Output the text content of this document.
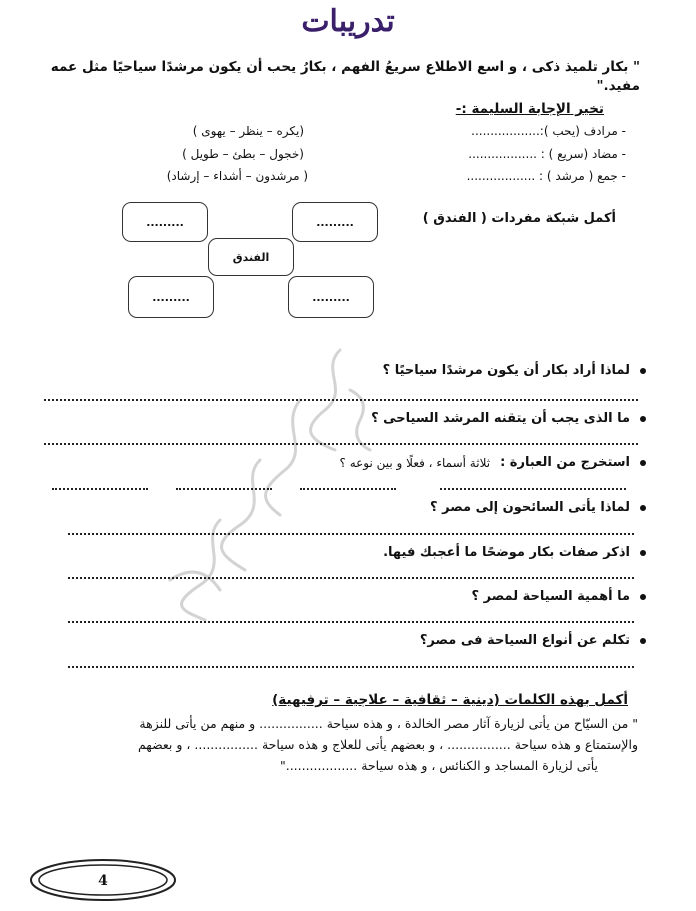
تدريبات
" بكار تلميذ ذكى ، و اسع الاطلاع سريعُ الفهم ، بكارُ يحب أن يكون مرشدًا سياحيًا مثل عمه مفيد."
تخير الإجابة السليمة :-
- مرادف (يحب ):..................
(يكره – ينظر – يهوى )
- مضاد (سريع ) : ..................
(خجول – بطئ – طويل )
- جمع ( مرشد ) : ..................
( مرشدون – أشداء – إرشاد)
أكمل شبكة مفردات ( الفندق )
.........	.........
الفندق
.........	.........
لماذا أراد بكار أن يكون مرشدًا سياحيًا ؟
ما الذى يجب أن يتقنه المرشد السياحى ؟
استخرج من العبارة :
ثلاثة أسماء ، فعلًا و بين نوعه ؟
لماذا يأتى السائحون إلى مصر ؟
اذكر صفات بكار موضحًا ما أعجبك فيها.
ما أهمية السياحة لمصر ؟
تكلم عن أنواع السياحة فى مصر؟
أكمل بهذه الكلمات (دينية – ثقافية – علاجية – ترفيهية)
" من السيّاح من يأتى لزيارة آثار مصر الخالدة ، و هذه سياحة ................ و منهم من يأتى للنزهة
والإستمتاع و هذه سياحة ................ ، و بعضهم يأتى للعلاج و هذه سياحة ................ ، و بعضهم
يأتى لزيارة المساجد و الكنائس ، و هذه سياحة .................."
4
